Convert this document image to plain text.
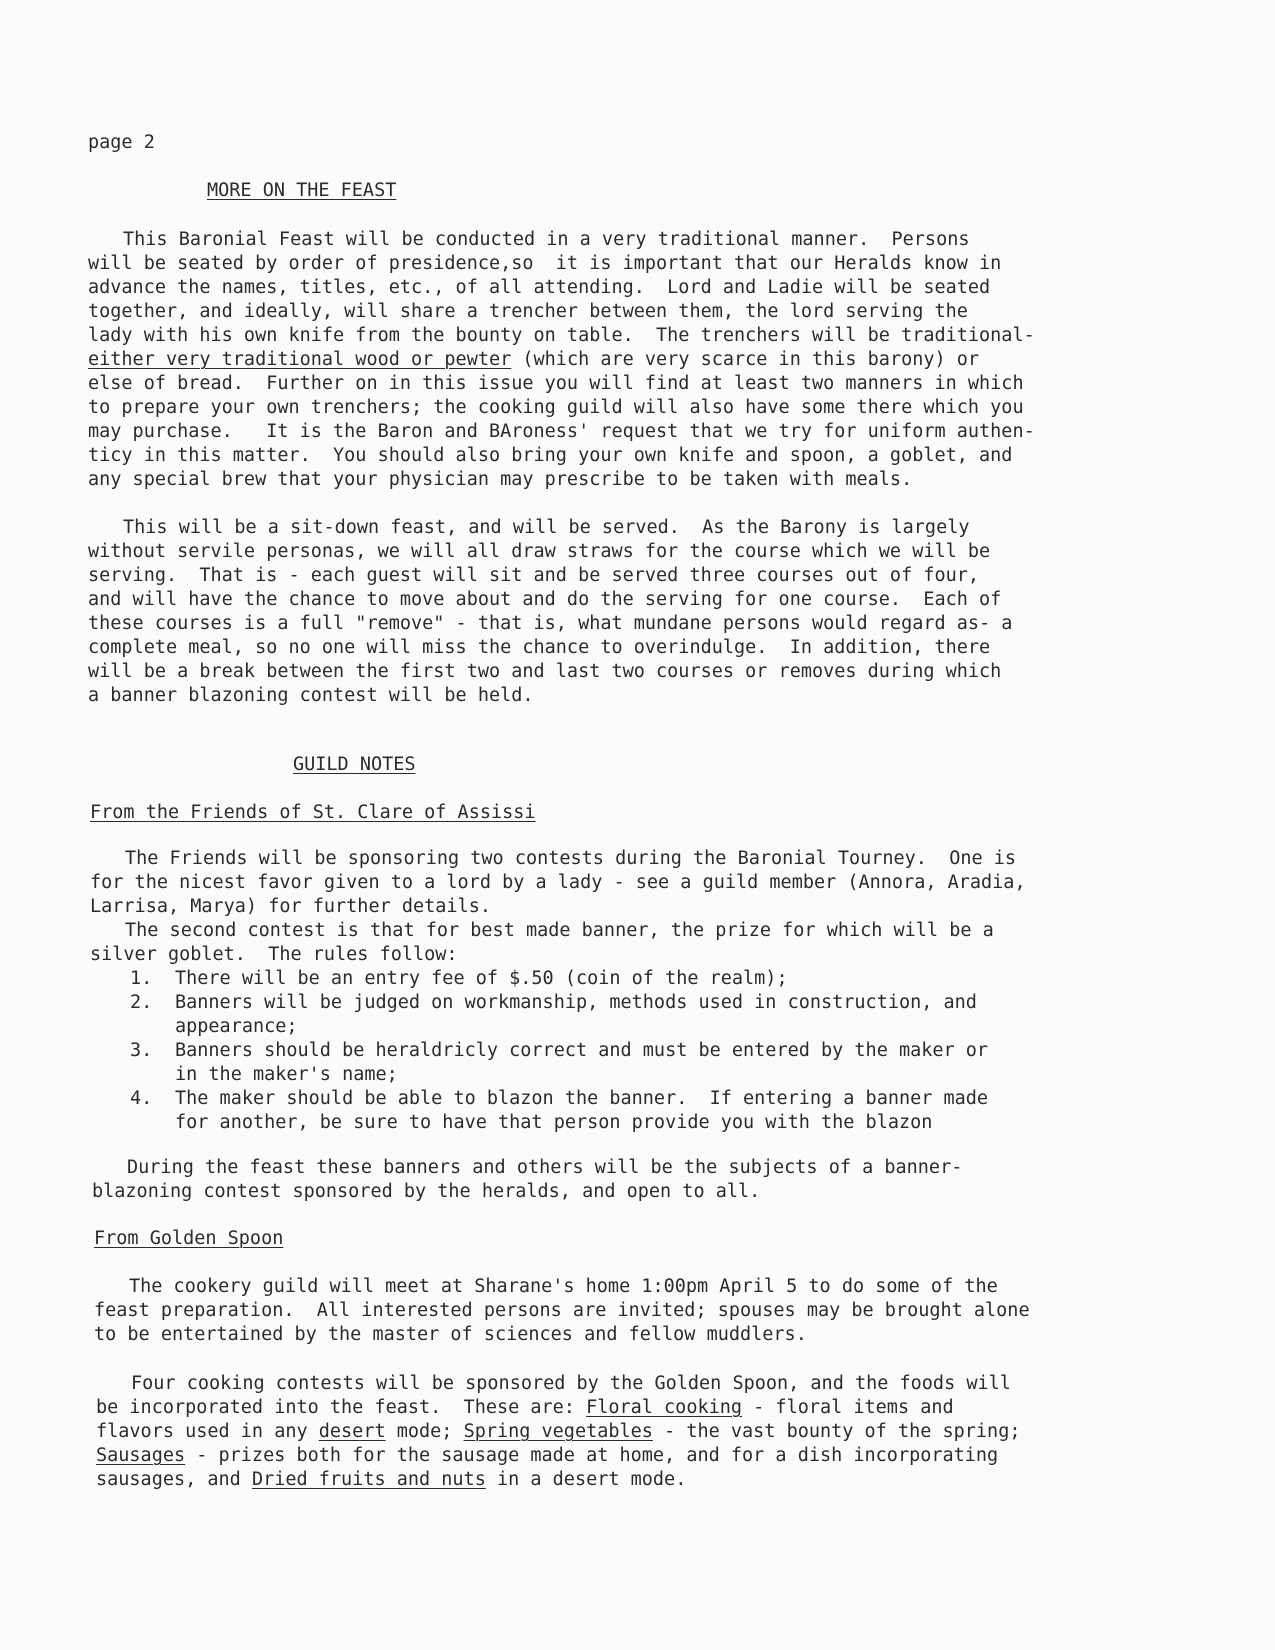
page 2
MORE ON THE FEAST
This Baronial Feast will be conducted in a very traditional manner.  Persons
will be seated by order of presidence,so  it is important that our Heralds know in
advance the names, titles, etc., of all attending.  Lord and Ladie will be seated
together, and ideally, will share a trencher between them, the lord serving the
lady with his own knife from the bounty on table.  The trenchers will be traditional-
either very traditional wood or pewter (which are very scarce in this barony) or
else of bread.  Further on in this issue you will find at least two manners in which
to prepare your own trenchers; the cooking guild will also have some there which you
may purchase.   It is the Baron and BAroness' request that we try for uniform authen-
ticy in this matter.  You should also bring your own knife and spoon, a goblet, and
any special brew that your physician may prescribe to be taken with meals.
This will be a sit-down feast, and will be served.  As the Barony is largely
without servile personas, we will all draw straws for the course which we will be
serving.  That is - each guest will sit and be served three courses out of four,
and will have the chance to move about and do the serving for one course.  Each of
these courses is a full "remove" - that is, what mundane persons would regard as- a
complete meal, so no one will miss the chance to overindulge.  In addition, there
will be a break between the first two and last two courses or removes during which
a banner blazoning contest will be held.
GUILD NOTES
From the Friends of St. Clare of Assissi
The Friends will be sponsoring two contests during the Baronial Tourney.  One is
for the nicest favor given to a lord by a lady - see a guild member (Annora, Aradia,
Larrisa, Marya) for further details.
The second contest is that for best made banner, the prize for which will be a
silver goblet.  The rules follow:
1. There will be an entry fee of $.50 (coin of the realm);
2. Banners will be judged on workmanship, methods used in construction, and
appearance;
3. Banners should be heraldricly correct and must be entered by the maker or
in the maker's name;
4. The maker should be able to blazon the banner.  If entering a banner made
for another, be sure to have that person provide you with the blazon
During the feast these banners and others will be the subjects of a banner-
blazoning contest sponsored by the heralds, and open to all.
From Golden Spoon
The cookery guild will meet at Sharane's home 1:00pm April 5 to do some of the
feast preparation.  All interested persons are invited; spouses may be brought alone
to be entertained by the master of sciences and fellow muddlers.
Four cooking contests will be sponsored by the Golden Spoon, and the foods will
be incorporated into the feast.  These are: Floral cooking - floral items and
flavors used in any desert mode; Spring vegetables - the vast bounty of the spring;
Sausages - prizes both for the sausage made at home, and for a dish incorporating
sausages, and Dried fruits and nuts in a desert mode.
